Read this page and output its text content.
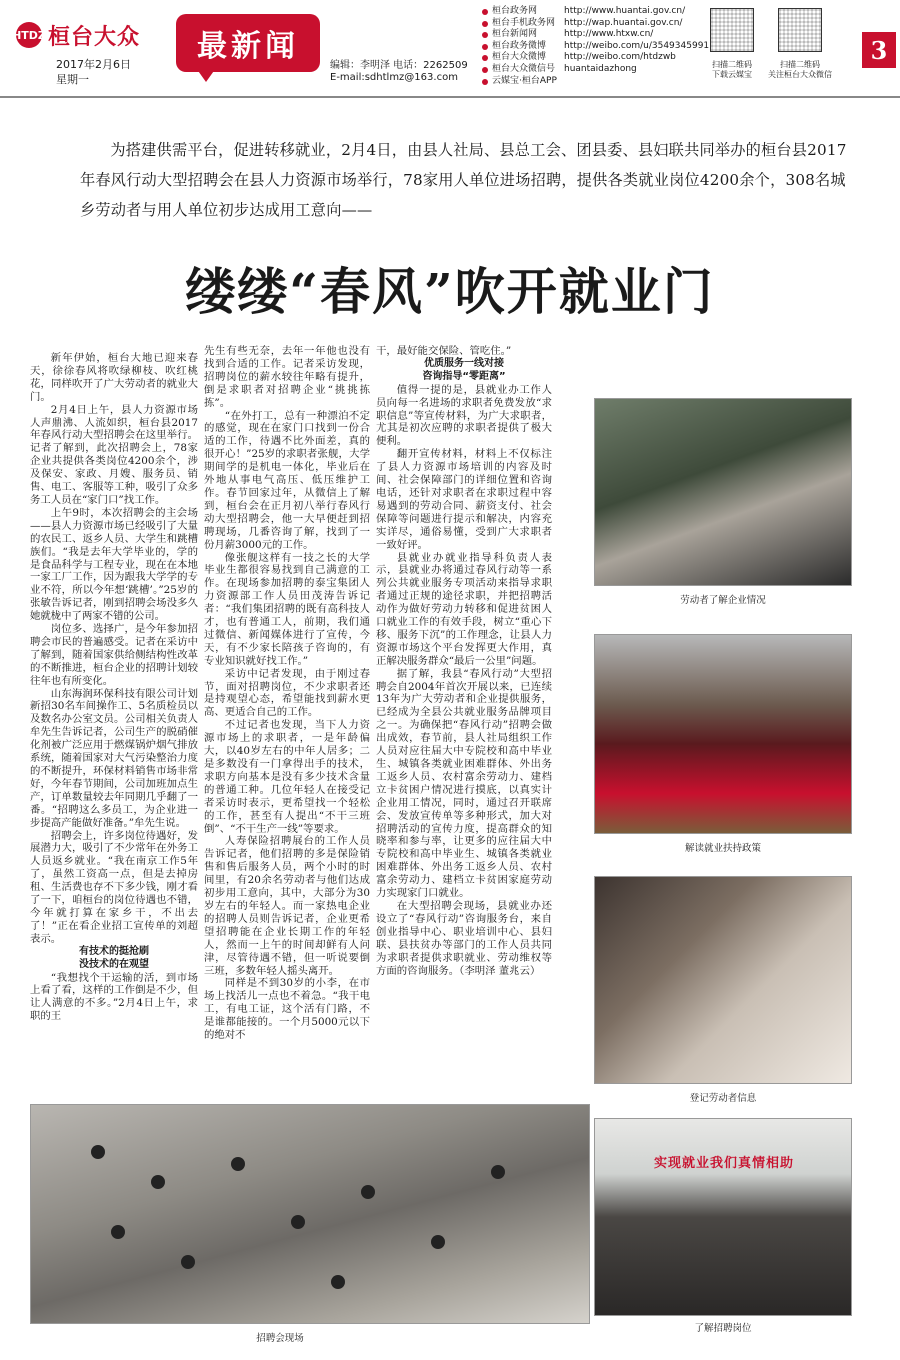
HTDZ 桓台大众
2017年2月6日
星期一
最新闻
编辑：李明泽 电话：2262509
E-mail:sdhtlmz@163.com
桓台政务网	http://www.huantai.gov.cn/
桓台手机政务网 http://wap.huantai.gov.cn/
桓台新闻网	http://www.htxw.cn/
桓台政务微博	http://weibo.com/u/3549345991
桓台大众微博	http://weibo.com/htdzwb
桓台大众微信号 huantaidazhong
云媒宝·桓台APP
扫描二维码
下载云媒宝
扫描二维码
关注桓台大众微信
3
为搭建供需平台，促进转移就业，2月4日，由县人社局、县总工会、团县委、县妇联共同举办的桓台县2017年春风行动大型招聘会在县人力资源市场举行，78家用人单位进场招聘，提供各类就业岗位4200余个，308名城乡劳动者与用人单位初步达成用工意向——
缕缕“春风”吹开就业门

新年伊始，桓台大地已迎来春天，徐徐春风将吹绿柳枝、吹红桃花，同样吹开了广大劳动者的就业大门。

2月4日上午，县人力资源市场人声鼎沸、人流如织，桓台县2017年春风行动大型招聘会在这里举行。记者了解到，此次招聘会上，78家企业共提供各类岗位4200余个，涉及保安、家政、月嫂、服务员、销售、电工、客服等工种，吸引了众多务工人员在“家门口”找工作。

上午9时，本次招聘会的主会场——县人力资源市场已经吸引了大量的农民工、返乡人员、大学生和跳槽族们。“我是去年大学毕业的，学的是食品科学与工程专业，现在在本地一家工厂工作，因为跟我大学学的专业不符，所以今年想‘跳槽’。”25岁的张敏告诉记者，刚到招聘会场没多久她就栊中了两家不错的公司。

岗位多、选择广，是今年参加招聘会市民的普遍感受。记者在采访中了解到，随着国家供给侧结构性改革的不断推进，桓台企业的招聘计划较往年也有所变化。

山东海润环保科技有限公司计划新招30名车间操作工、5名质检员以及数名办公室文员。公司相关负责人牟先生告诉记者，公司生产的脱硝催化剂被广泛应用于燃煤锅炉烟气排放系统，随着国家对大气污染整治力度的不断提升，环保材料销售市场非常好，今年春节期间，公司加班加点生产，订单数量较去年同期几乎翻了一番。“招聘这么多员工，为企业进一步提高产能做好准备。”牟先生说。

招聘会上，许多岗位待遇好，发展潜力大，吸引了不少常年在外务工人员返乡就业。“我在南京工作5年了，虽然工资高一点，但是去掉房租、生活费也存不下多少钱，刚才看了一下，咱桓台的岗位待遇也不错，今年就打算在家乡干，不出去了！”正在看企业招工宣传单的刘超表示。

有技术的挺抢刷

没技术的在观望

“我想找个干运输的活，到市场上看了看，这样的工作倒是不少，但让人满意的不多。”2月4日上午，求职的王

先生有些无奈，去年一年他也没有找到合适的工作。记者采访发现，招聘岗位的薪水较往年略有提升，倒是求职者对招聘企业“挑挑拣拣”。

“在外打工，总有一种漂泊不定的感觉，现在在家门口找到一份合适的工作，待遇不比外面差，真的很开心！”25岁的求职者张舰，大学期间学的是机电一体化，毕业后在外地从事电气高压、低压维护工作。春节回家过年，从微信上了解到，桓台会在正月初八举行春风行动大型招聘会，他一大早便赶到招聘现场，几番咨询了解，找到了一份月薪3000元的工作。

像张舰这样有一技之长的大学毕业生都很容易找到自己满意的工作。在现场参加招聘的泰宝集团人力资源部工作人员田茂涛告诉记者：“我们集团招聘的既有高科技人才，也有普通工人，前期，我们通过微信、新闻媒体进行了宣传，今天，有不少家长陪孩子咨询的，有专业知识就好找工作。”

采访中记者发现，由于刚过春节，面对招聘岗位，不少求职者还是持观望心态，希望能找到薪水更高、更适合自己的工作。

不过记者也发现，当下人力资源市场上的求职者，一是年龄偏大，以40岁左右的中年人居多；二是多数没有一门拿得出手的技术，求职方向基本是没有多少技术含量的普通工种。几位年轻人在接受记者采访时表示，更希望找一个轻松的工作，甚至有人提出“不干三班倒”、“不干生产一线”等要求。

人寿保险招聘展台的工作人员告诉记者，他们招聘的多是保险销售和售后服务人员，两个小时的时间里，有20余名劳动者与他们达成初步用工意向，其中，大部分为30岁左右的年轻人。而一家热电企业的招聘人员则告诉记者，企业更希望招聘能在企业长期工作的年轻人，然而一上午的时间却鲜有人问津，尽管待遇不错，但一听说要倒三班，多数年轻人摇头离开。

同样是不到30岁的小李，在市场上找活儿一点也不着急。“我干电工，有电工证，这个活有门路，不是谁都能接的。一个月5000元以下的绝对不

干，最好能交保险、管吃住。”

优质服务一线对接

咨询指导“零距离”

值得一提的是，县就业办工作人员向每一名进场的求职者免费发放“求职信息”等宣传材料，为广大求职者，尤其是初次应聘的求职者提供了极大便利。

翻开宣传材料，材料上不仅标注了县人力资源市场培训的内容及时间、社会保障部门的详细位置和咨询电话，还针对求职者在求职过程中容易遇到的劳动合同、薪资支付、社会保障等问题进行提示和解决，内容充实详尽，通俗易懂，受到广大求职者一致好评。

县就业办就业指导科负责人表示，县就业办将通过春风行动等一系列公共就业服务专项活动来指导求职者通过正规的途径求职，并把招聘活动作为做好劳动力转移和促进贫困人口就业工作的有效手段，树立“重心下移、服务下沉”的工作理念，让县人力资源市场这个平台发挥更大作用，真正解决服务群众“最后一公里”问题。

据了解，我县“春风行动”大型招聘会自2004年首次开展以来，已连续13年为广大劳动者和企业提供服务，已经成为全县公共就业服务品牌项目之一。为确保把“春风行动”招聘会做出成效，春节前，县人社局组织工作人员对应往届大中专院校和高中毕业生、城镇各类就业困难群体、外出务工返乡人员、农村富余劳动力、建档立卡贫困户情况进行摸底，以真实计企业用工情况，同时，通过召开联席会、发放宣传单等多种形式，加大对招聘活动的宣传力度，提高群众的知晓率和参与率，让更多的应往届大中专院校和高中毕业生、城镇各类就业困难群体、外出务工返乡人员、农村富余劳动力、建档立卡贫困家庭劳动力实现家门口就业。

在大型招聘会现场，县就业办还设立了“春风行动”咨询服务台，来自创业指导中心、职业培训中心、县妇联、县扶贫办等部门的工作人员共同为求职者提供求职就业、劳动维权等方面的咨询服务。（李明泽 董兆云）

劳动者了解企业情况
解读就业扶持政策
登记劳动者信息
实现就业我们真情相助
了解招聘岗位
招聘会现场
